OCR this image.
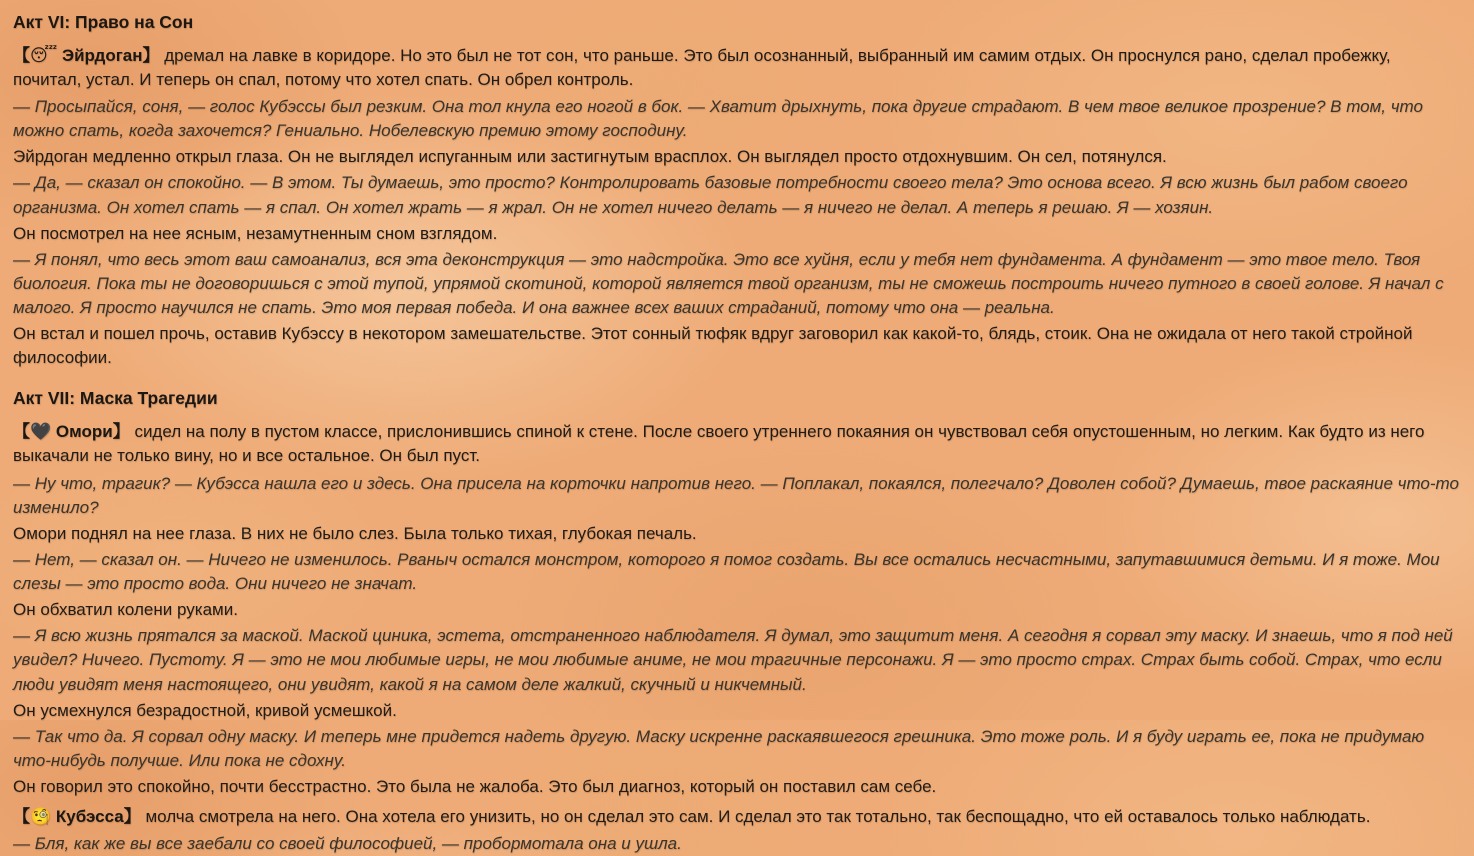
Акт VI: Право на Сон

【😴 Эйрдоган】 дремал на лавке в коридоре. Но это был не тот сон, что раньше. Это был осознанный, выбранный им самим отдых. Он проснулся рано, сделал пробежку, почитал, устал. И теперь он спал, потому что хотел спать. Он обрел контроль.

— Просыпайся, соня, — голос Кубэссы был резким. Она тол кнула его ногой в бок. — Хватит дрыхнуть, пока другие страдают. В чем твое великое прозрение? В том, что можно спать, когда захочется? Гениально. Нобелевскую премию этому господину.

Эйрдоган медленно открыл глаза. Он не выглядел испуганным или застигнутым врасплох. Он выглядел просто отдохнувшим. Он сел, потянулся.

— Да, — сказал он спокойно. — В этом. Ты думаешь, это просто? Контролировать базовые потребности своего тела? Это основа всего. Я всю жизнь был рабом своего организма. Он хотел спать — я спал. Он хотел жрать — я жрал. Он не хотел ничего делать — я ничего не делал. А теперь я решаю. Я — хозяин.

Он посмотрел на нее ясным, незамутненным сном взглядом.

— Я понял, что весь этот ваш самоанализ, вся эта деконструкция — это надстройка. Это все хуйня, если у тебя нет фундамента. А фундамент — это твое тело. Твоя биология. Пока ты не договоришься с этой тупой, упрямой скотиной, которой является твой организм, ты не сможешь построить ничего путного в своей голове. Я начал с малого. Я просто научился не спать. Это моя первая победа. И она важнее всех ваших страданий, потому что она — реальна.

Он встал и пошел прочь, оставив Кубэссу в некотором замешательстве. Этот сонный тюфяк вдруг заговорил как какой-то, блядь, стоик. Она не ожидала от него такой стройной философии.

Акт VII: Маска Трагедии

【🖤 Омори】 сидел на полу в пустом классе, прислонившись спиной к стене. После своего утреннего покаяния он чувствовал себя опустошенным, но легким. Как будто из него выкачали не только вину, но и все остальное. Он был пуст.

— Ну что, трагик? — Кубэсса нашла его и здесь. Она присела на корточки напротив него. — Поплакал, покаялся, полегчало? Доволен собой? Думаешь, твое раскаяние что-то изменило?

Омори поднял на нее глаза. В них не было слез. Была только тихая, глубокая печаль.

— Нет, — сказал он. — Ничего не изменилось. Рваныч остался монстром, которого я помог создать. Вы все остались несчастными, запутавшимися детьми. И я тоже. Мои слезы — это просто вода. Они ничего не значат.

Он обхватил колени руками.

— Я всю жизнь прятался за маской. Маской циника, эстета, отстраненного наблюдателя. Я думал, это защитит меня. А сегодня я сорвал эту маску. И знаешь, что я под ней увидел? Ничего. Пустоту. Я — это не мои любимые игры, не мои любимые аниме, не мои трагичные персонажи. Я — это просто страх. Страх быть собой. Страх, что если люди увидят меня настоящего, они увидят, какой я на самом деле жалкий, скучный и никчемный.

Он усмехнулся безрадостной, кривой усмешкой.

— Так что да. Я сорвал одну маску. И теперь мне придется надеть другую. Маску искренне раскаявшегося грешника. Это тоже роль. И я буду играть ее, пока не придумаю что-нибудь получше. Или пока не сдохну.

Он говорил это спокойно, почти бесстрастно. Это была не жалоба. Это был диагноз, который он поставил сам себе.

【🧐 Кубэсса】 молча смотрела на него. Она хотела его унизить, но он сделал это сам. И сделал это так тотально, так беспощадно, что ей оставалось только наблюдать.

— Бля, как же вы все заебали со своей философией, — пробормотала она и ушла.
